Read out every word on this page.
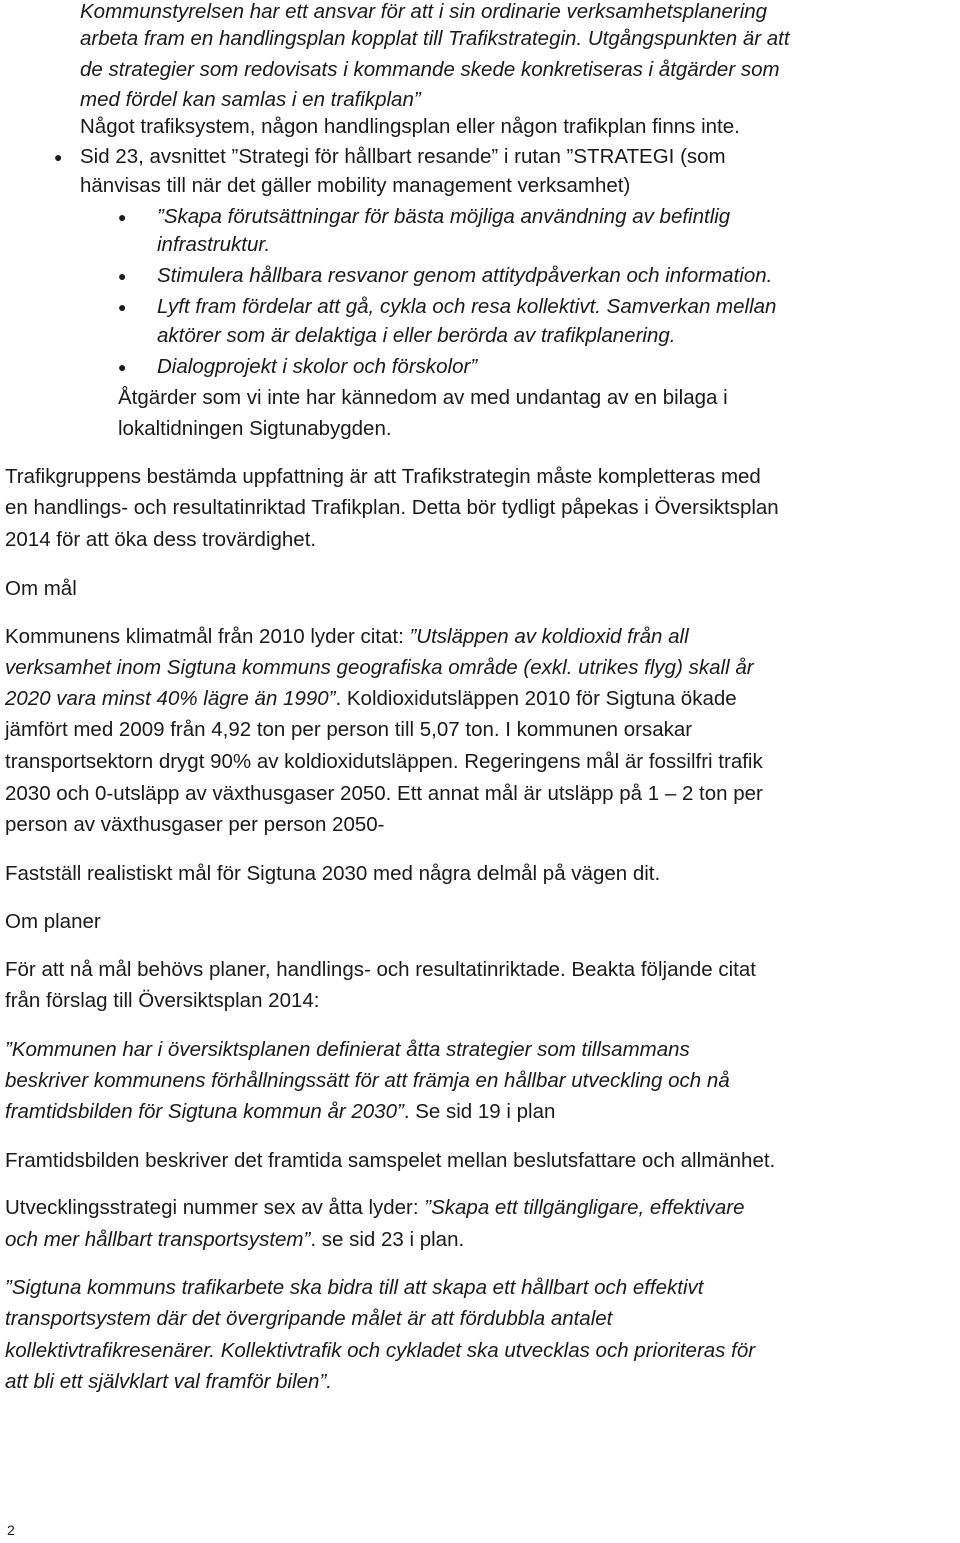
Kommunstyrelsen har ett ansvar för att i sin ordinarie verksamhetsplanering
arbeta fram en handlingsplan kopplat till Trafikstrategin. Utgångspunkten är att
de strategier som redovisats i kommande skede konkretiseras i åtgärder som
med fördel kan samlas i en trafikplan”
Något trafiksystem, någon handlingsplan eller någon trafikplan finns inte.
● Sid 23, avsnittet ”Strategi för hållbart resande” i rutan ”STRATEGI (som
hänvisas till när det gäller mobility management verksamhet)
● ”Skapa förutsättningar för bästa möjliga användning av befintlig
infrastruktur.
● Stimulera hållbara resvanor genom attitydpåverkan och information.
● Lyft fram fördelar att gå, cykla och resa kollektivt. Samverkan mellan
aktörer som är delaktiga i eller berörda av trafikplanering.
● Dialogprojekt i skolor och förskolor”
Åtgärder som vi inte har kännedom av med undantag av en bilaga i
lokaltidningen Sigtunabygden.
Trafikgruppens bestämda uppfattning är att Trafikstrategin måste kompletteras med
en handlings- och resultatinriktad Trafikplan. Detta bör tydligt påpekas i Översiktsplan
2014 för att öka dess trovärdighet.
Om mål
Kommunens klimatmål från 2010 lyder citat: ”Utsläppen av koldioxid från all
verksamhet inom Sigtuna kommuns geografiska område (exkl. utrikes flyg) skall år
2020 vara minst 40% lägre än 1990”. Koldioxidutsläppen 2010 för Sigtuna ökade
jämfört med 2009 från 4,92 ton per person till 5,07 ton. I kommunen orsakar
transportsektorn drygt 90% av koldioxidutsläppen. Regeringens mål är fossilfri trafik
2030 och 0-utsläpp av växthusgaser 2050. Ett annat mål är utsläpp på 1 – 2 ton per
person av växthusgaser per person 2050-
Fastställ realistiskt mål för Sigtuna 2030 med några delmål på vägen dit.
Om planer
För att nå mål behövs planer, handlings- och resultatinriktade. Beakta följande citat
från förslag till Översiktsplan 2014:
”Kommunen har i översiktsplanen definierat åtta strategier som tillsammans
beskriver kommunens förhållningssätt för att främja en hållbar utveckling och nå
framtidsbilden för Sigtuna kommun år 2030”. Se sid 19 i plan
Framtidsbilden beskriver det framtida samspelet mellan beslutsfattare och allmänhet.
Utvecklingsstrategi nummer sex av åtta lyder: ”Skapa ett tillgängligare, effektivare
och mer hållbart transportsystem”. se sid 23 i plan.
”Sigtuna kommuns trafikarbete ska bidra till att skapa ett hållbart och effektivt
transportsystem där det övergripande målet är att fördubbla antalet
kollektivtrafikresenärer. Kollektivtrafik och cykladet ska utvecklas och prioriteras för
att bli ett självklart val framför bilen”.
2
